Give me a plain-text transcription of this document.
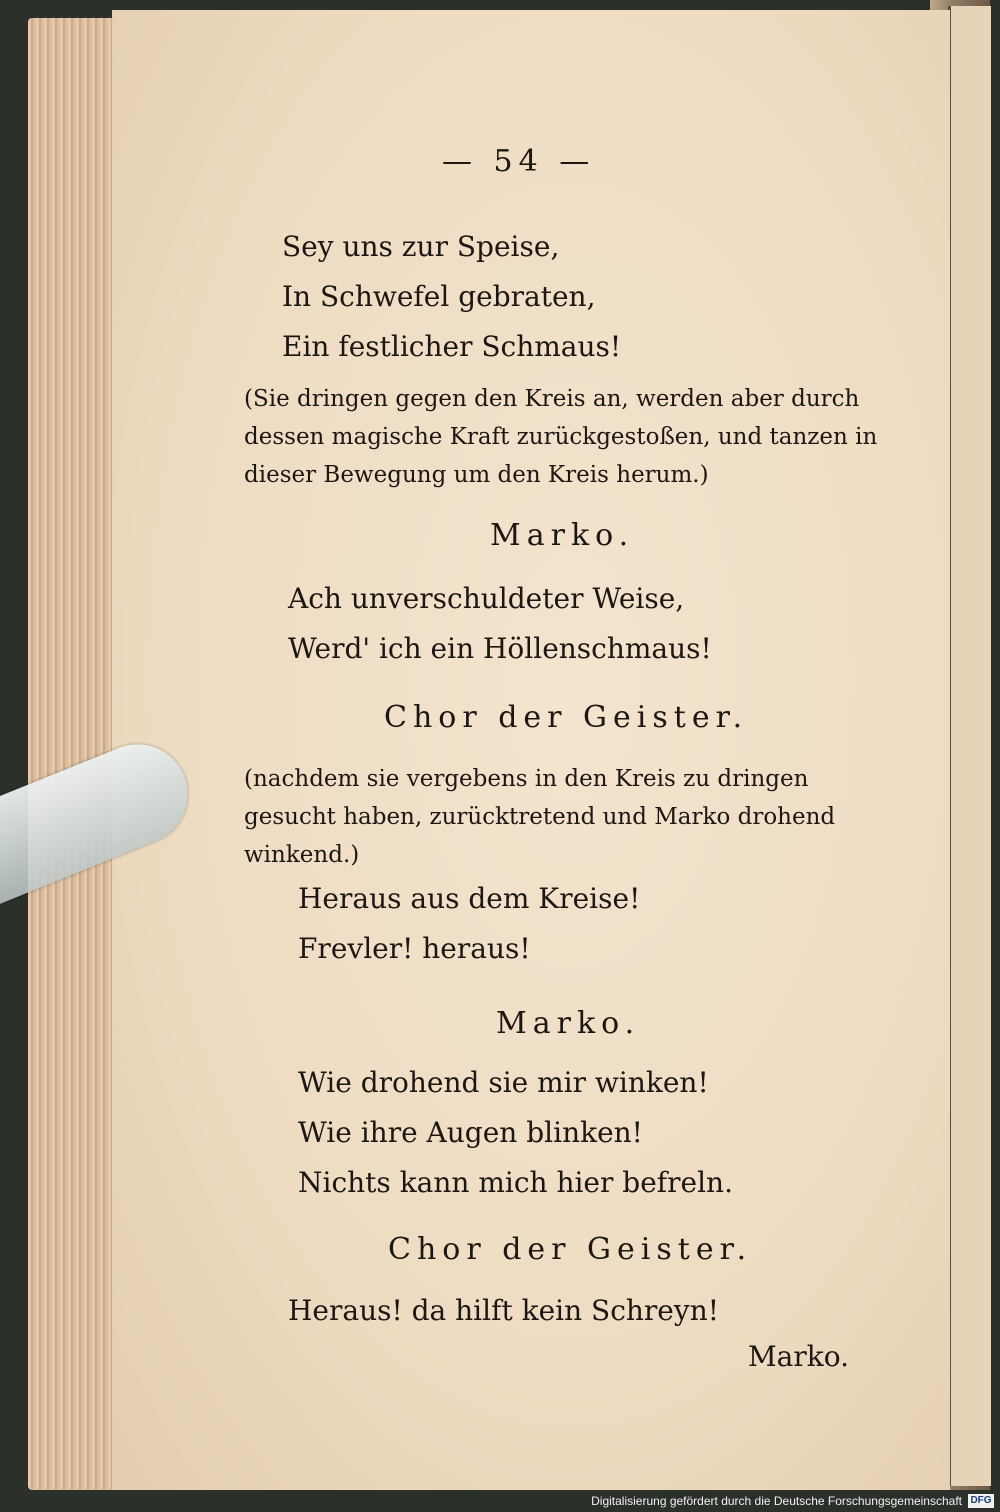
— 54 —
Sey uns zur Speise,
In Schwefel gebraten,
Ein festlicher Schmaus!
(Sie dringen gegen den Kreis an, werden aber durch
dessen magische Kraft zurückgestoßen, und tanzen in
dieser Bewegung um den Kreis herum.)
Marko.
Ach unverschuldeter Weise,
Werd' ich ein Höllenschmaus!
Chor der Geister.
(nachdem sie vergebens in den Kreis zu dringen
gesucht haben, zurücktretend und Marko drohend
winkend.)
Heraus aus dem Kreise!
Frevler! heraus!
Marko.
Wie drohend sie mir winken!
Wie ihre Augen blinken!
Nichts kann mich hier befreln.
Chor der Geister.
Heraus! da hilft kein Schreyn!
Marko.
Digitalisierung gefördert durch die Deutsche Forschungsgemeinschaft DFG
